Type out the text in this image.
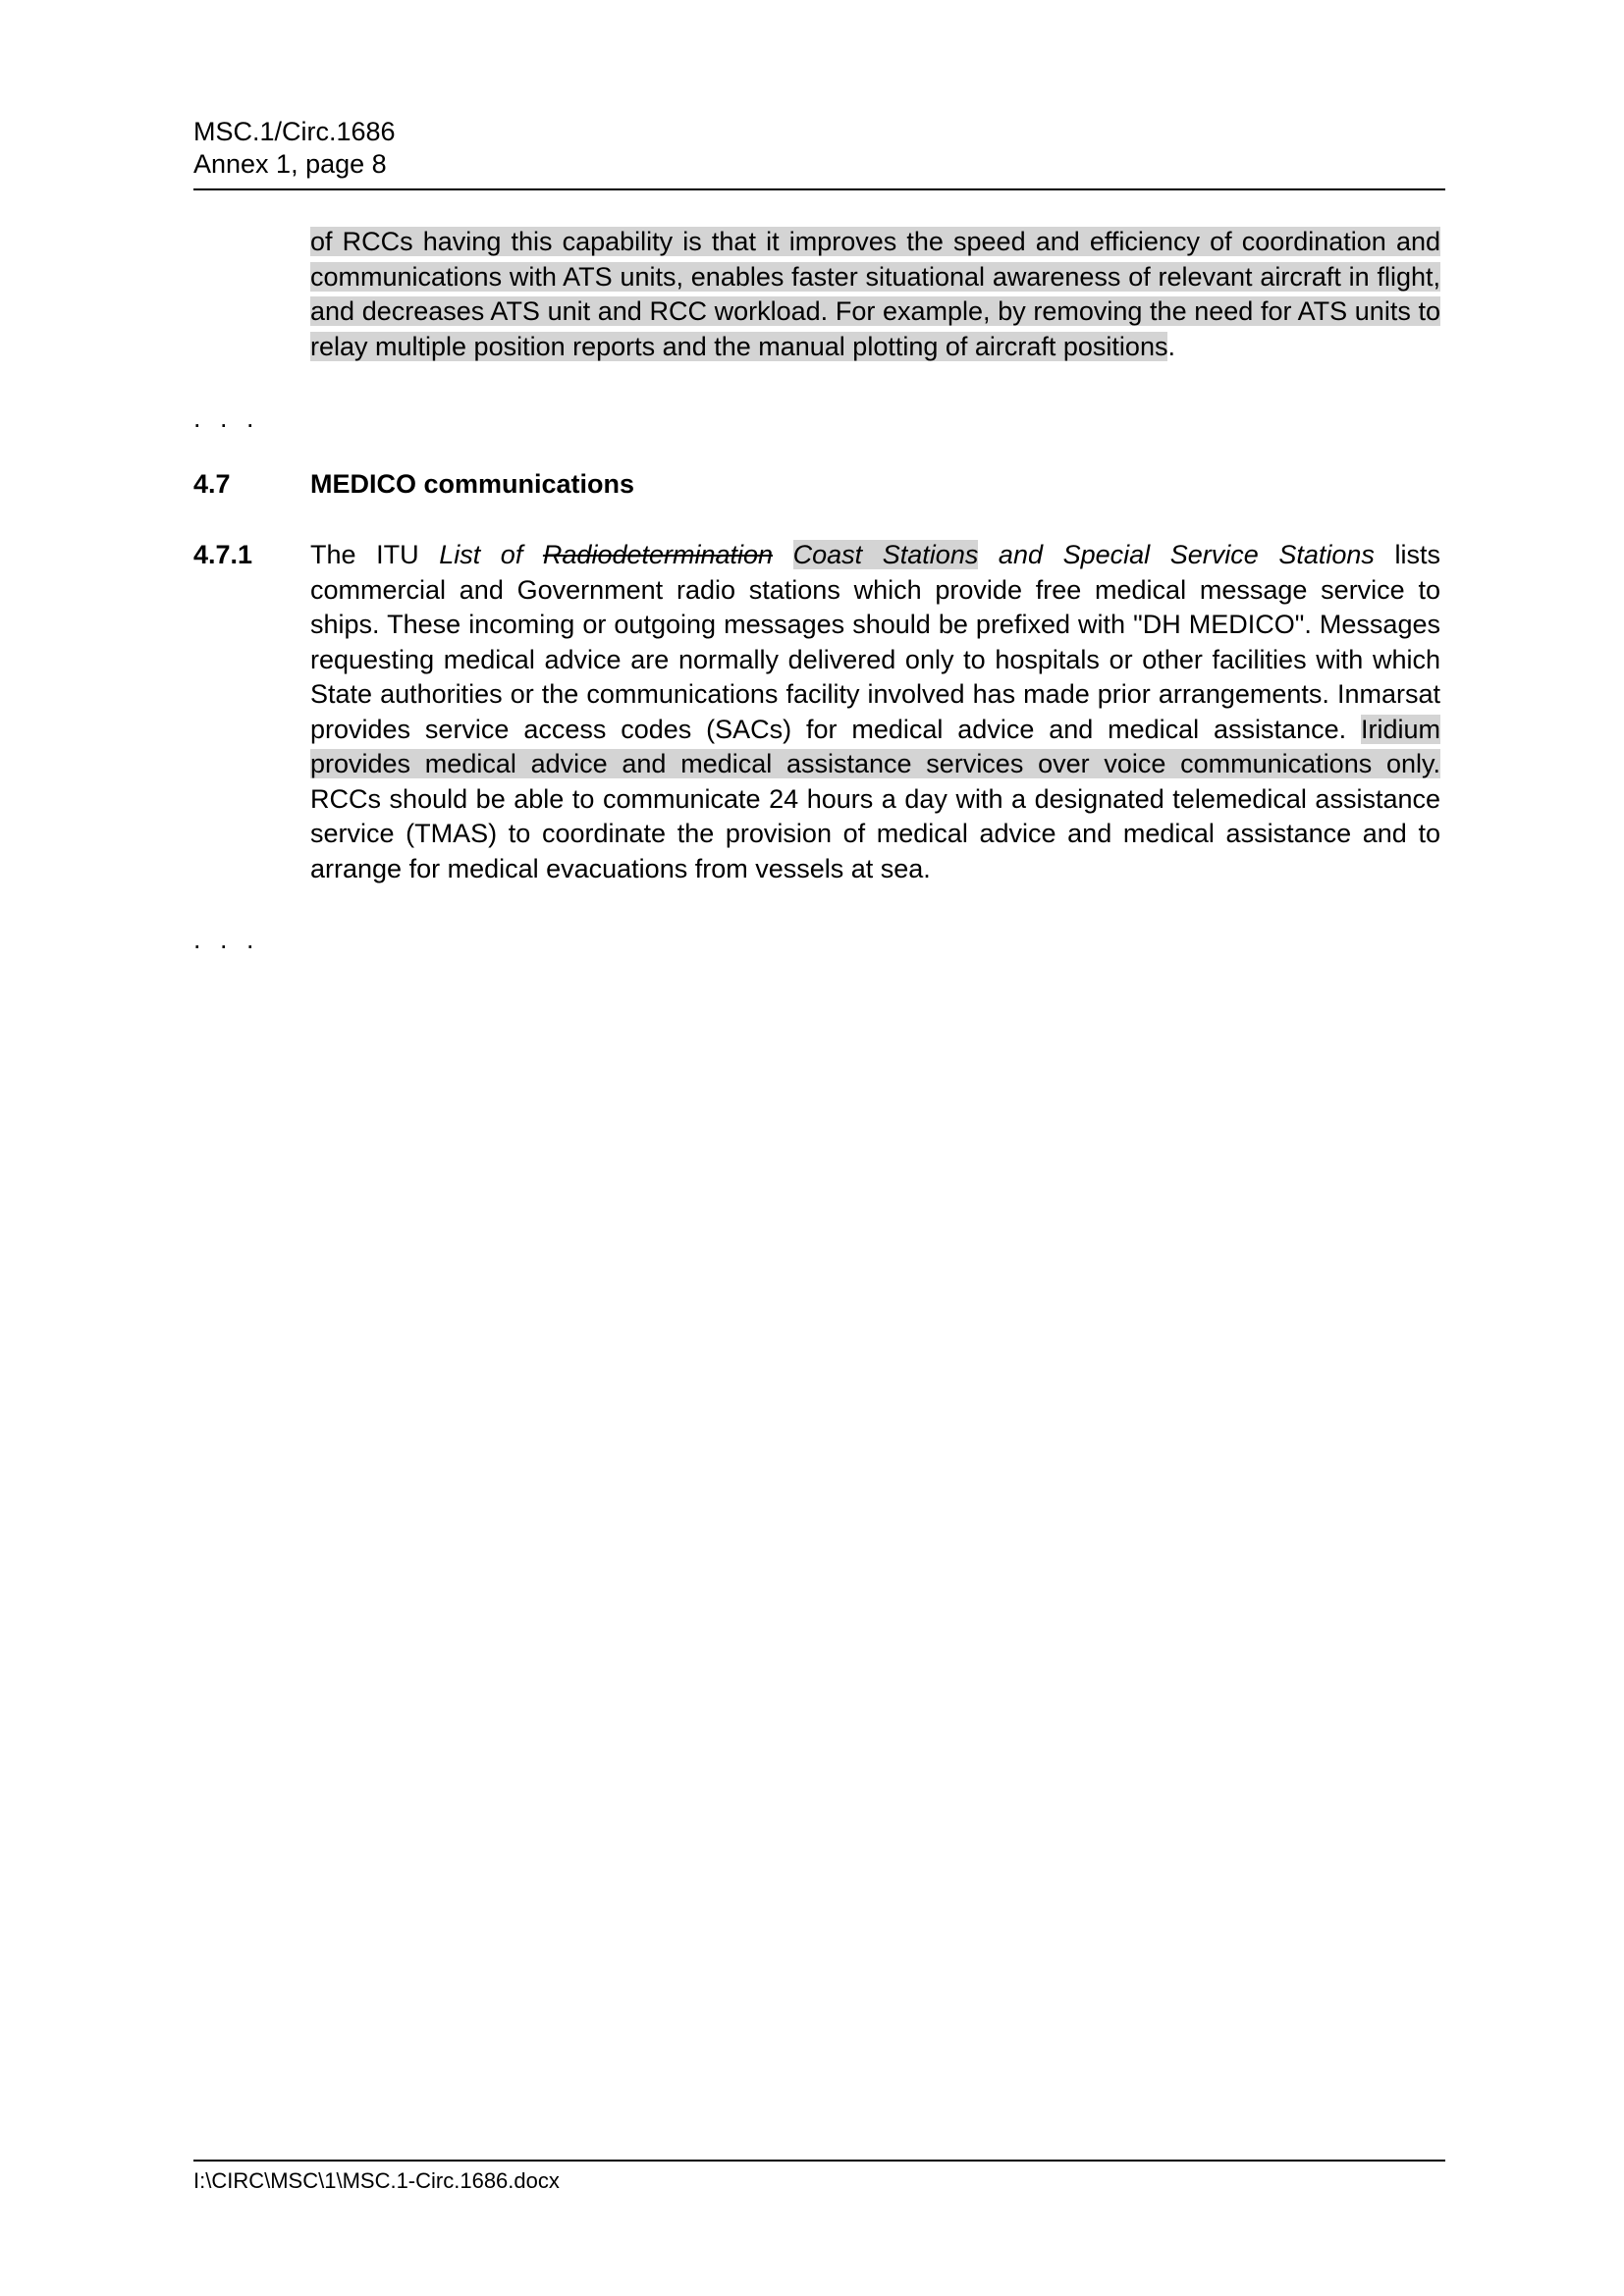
MSC.1/Circ.1686
Annex 1, page 8
of RCCs having this capability is that it improves the speed and efficiency of coordination and communications with ATS units, enables faster situational awareness of relevant aircraft in flight, and decreases ATS unit and RCC workload. For example, by removing the need for ATS units to relay multiple position reports and the manual plotting of aircraft positions.
. . .
4.7	MEDICO communications
4.7.1 The ITU List of Radiodetermination Coast Stations and Special Service Stations lists commercial and Government radio stations which provide free medical message service to ships. These incoming or outgoing messages should be prefixed with "DH MEDICO". Messages requesting medical advice are normally delivered only to hospitals or other facilities with which State authorities or the communications facility involved has made prior arrangements. Inmarsat provides service access codes (SACs) for medical advice and medical assistance. Iridium provides medical advice and medical assistance services over voice communications only. RCCs should be able to communicate 24 hours a day with a designated telemedical assistance service (TMAS) to coordinate the provision of medical advice and medical assistance and to arrange for medical evacuations from vessels at sea.
. . .
I:\CIRC\MSC\1\MSC.1-Circ.1686.docx
